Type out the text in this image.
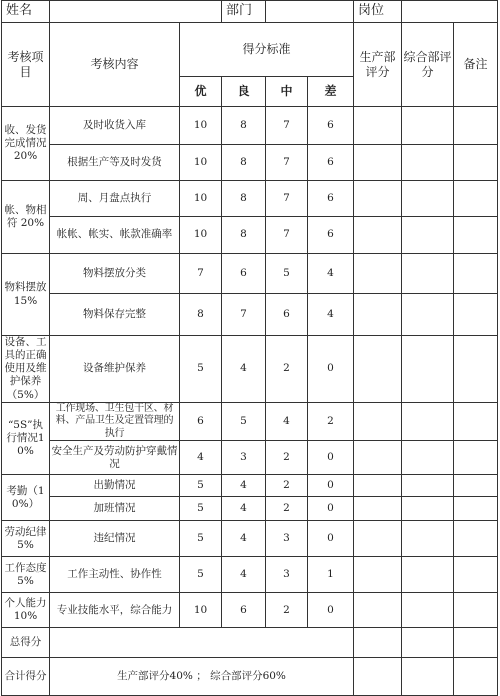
姓名			部门			岗位		
考核项目	考核内容	得分标准				生产部评分	综合部评分	备注
		优	良	中	差			
收、发货完成情况20%	及时收货入库	10	8	7	6			
	根据生产等及时发货	10	8	7	6			
帐、物相符 20%	周、月盘点执行	10	8	7	6			
	帐帐、帐实、帐款准确率	10	8	7	6			
物料摆放15%	物料摆放分类	7	6	5	4			
	物料保存完整	8	7	6	4			
设备、工具的正确使用及维护保养（5%）	设备维护保养	5	4	2	0			
“5S”执行情况10%	工作现场、卫生包干区、材料、产品卫生及定置管理的执行	6	5	4	2			
	安全生产及劳动防护穿戴情况	4	3	2	0			
考勤（10%）	出勤情况	5	4	2	0			
	加班情况	5	4	2	0			
劳动纪律5%	违纪情况	5	4	3	0			
工作态度5%	工作主动性、协作性	5	4	3	1			
个人能力10%	专业技能水平，综合能力	10	6	2	0			
总得分								
合计得分	生产部评分40% ； 综合部评分60%							
